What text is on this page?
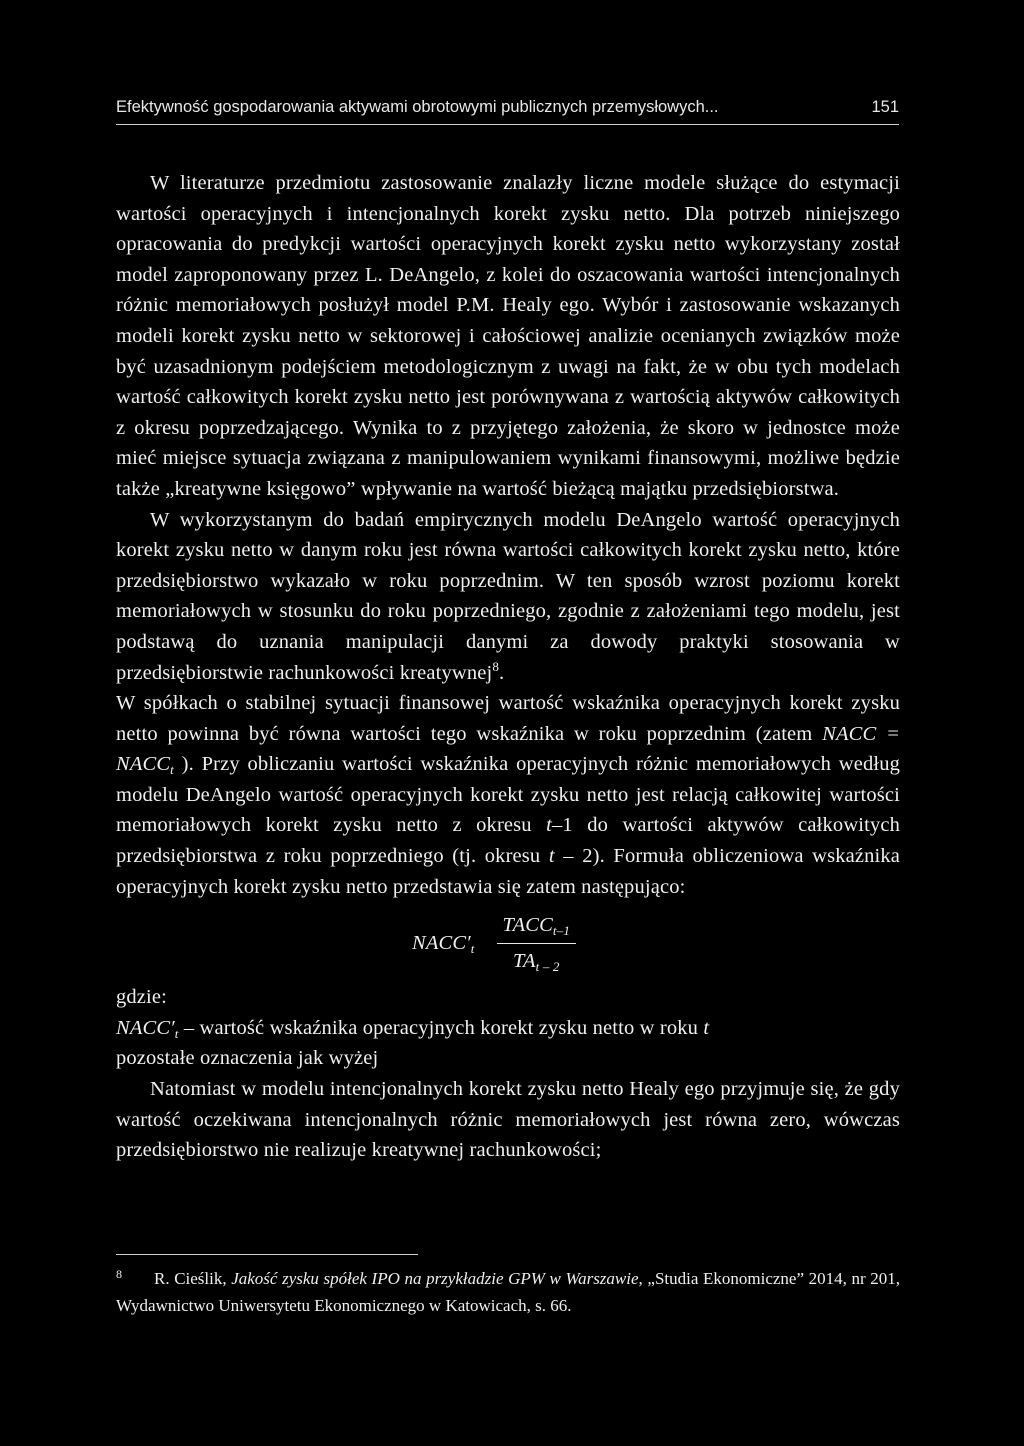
Efektywność gospodarowania aktywami obrotowymi publicznych przemysłowych...	151

W literaturze przedmiotu zastosowanie znalazły liczne modele służące do estymacji wartości operacyjnych i intencjonalnych korekt zysku netto. Dla potrzeb niniejszego opracowania do predykcji wartości operacyjnych korekt zysku netto wykorzystany został model zaproponowany przez L. DeAngelo, z kolei do oszacowania wartości intencjonalnych różnic memoriałowych posłużył model P.M. Healy ego. Wybór i zastosowanie wskazanych modeli korekt zysku netto w sektorowej i całościowej analizie ocenianych związków może być uzasadnionym podejściem metodologicznym z uwagi na fakt, że w obu tych modelach wartość całkowitych korekt zysku netto jest porównywana z wartością aktywów całkowitych z okresu poprzedzającego. Wynika to z przyjętego założenia, że skoro w jednostce może mieć miejsce sytuacja związana z manipulowaniem wynikami finansowymi, możliwe będzie także „kreatywne księgowo” wpływanie na wartość bieżącą majątku przedsiębiorstwa.

W wykorzystanym do badań empirycznych modelu DeAngelo wartość operacyjnych korekt zysku netto w danym roku jest równa wartości całkowitych korekt zysku netto, które przedsiębiorstwo wykazało w roku poprzednim. W ten sposób wzrost poziomu korekt memoriałowych w stosunku do roku poprzedniego, zgodnie z założeniami tego modelu, jest podstawą do uznania manipulacji danymi za dowody praktyki stosowania w przedsiębiorstwie rachunkowości kreatywnej$^8$.

W spółkach o stabilnej sytuacji finansowej wartość wskaźnika operacyjnych korekt zysku netto powinna być równa wartości tego wskaźnika w roku poprzednim (zatem NACC = $NACC_t$ ). Przy obliczaniu wartości wskaźnika operacyjnych różnic memoriałowych według modelu DeAngelo wartość operacyjnych korekt zysku netto jest relacją całkowitej wartości memoriałowych korekt zysku netto z okresu t–1 do wartości aktywów całkowitych przedsiębiorstwa z roku poprzedniego (tj. okresu t – 2). Formuła obliczeniowa wskaźnika operacyjnych korekt zysku netto przedstawia się zatem następująco:

$NACC'_t \frac{TACC_{t-1}}{TA_{t - 2}}$

gdzie:

$NACC'_t$ – wartość wskaźnika operacyjnych korekt zysku netto w roku t

pozostałe oznaczenia jak wyżej

Natomiast w modelu intencjonalnych korekt zysku netto Healy ego przyjmuje się, że gdy wartość oczekiwana intencjonalnych różnic memoriałowych jest równa zero, wówczas przedsiębiorstwo nie realizuje kreatywnej rachunkowości;

$^8$ R. Cieślik, Jakość zysku spółek IPO na przykładzie GPW w Warszawie, „Studia Ekonomiczne” 2014, nr 201, Wydawnictwo Uniwersytetu Ekonomicznego w Katowicach, s. 66.
